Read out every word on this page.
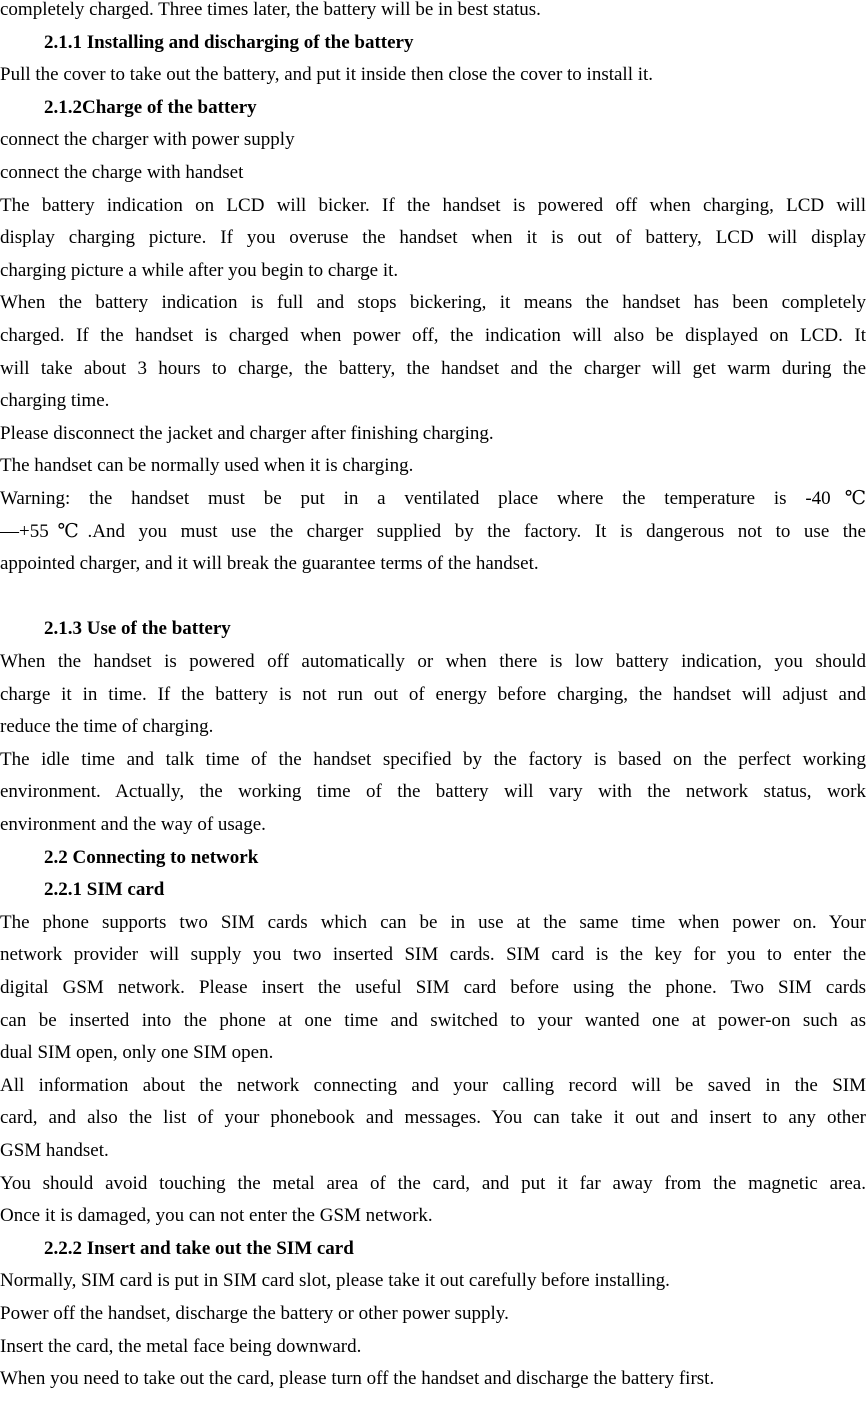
completely charged. Three times later, the battery will be in best status.
2.1.1 Installing and discharging of the battery
Pull the cover to take out the battery, and put it inside then close the cover to install it.
2.1.2Charge of the battery
connect the charger with power supply
connect the charge with handset
The battery indication on LCD will bicker. If the handset is powered off when charging, LCD will
display charging picture. If you overuse the handset when it is out of battery, LCD will display
charging picture a while after you begin to charge it.
When the battery indication is full and stops bickering, it means the handset has been completely
charged. If the handset is charged when power off, the indication will also be displayed on LCD. It
will take about 3 hours to charge, the battery, the handset and the charger will get warm during the
charging time.
Please disconnect the jacket and charger after finishing charging.
The handset can be normally used when it is charging.
Warning: the handset must be put in a ventilated place where the temperature is -40℃
—+55℃.And you must use the charger supplied by the factory. It is dangerous not to use the
appointed charger, and it will break the guarantee terms of the handset.
2.1.3 Use of the battery
When the handset is powered off automatically or when there is low battery indication, you should
charge it in time. If the battery is not run out of energy before charging, the handset will adjust and
reduce the time of charging.
The idle time and talk time of the handset specified by the factory is based on the perfect working
environment. Actually, the working time of the battery will vary with the network status, work
environment and the way of usage.
2.2 Connecting to network
2.2.1 SIM card
The phone supports two SIM cards which can be in use at the same time when power on. Your
network provider will supply you two inserted SIM cards. SIM card is the key for you to enter the
digital GSM network. Please insert the useful SIM card before using the phone. Two SIM cards
can be inserted into the phone at one time and switched to your wanted one at power-on such as
dual SIM open, only one SIM open.
All information about the network connecting and your calling record will be saved in the SIM
card, and also the list of your phonebook and messages. You can take it out and insert to any other
GSM handset.
You should avoid touching the metal area of the card, and put it far away from the magnetic area.
Once it is damaged, you can not enter the GSM network.
2.2.2 Insert and take out the SIM card
Normally, SIM card is put in SIM card slot, please take it out carefully before installing.
Power off the handset, discharge the battery or other power supply.
Insert the card, the metal face being downward.
When you need to take out the card, please turn off the handset and discharge the battery first.
